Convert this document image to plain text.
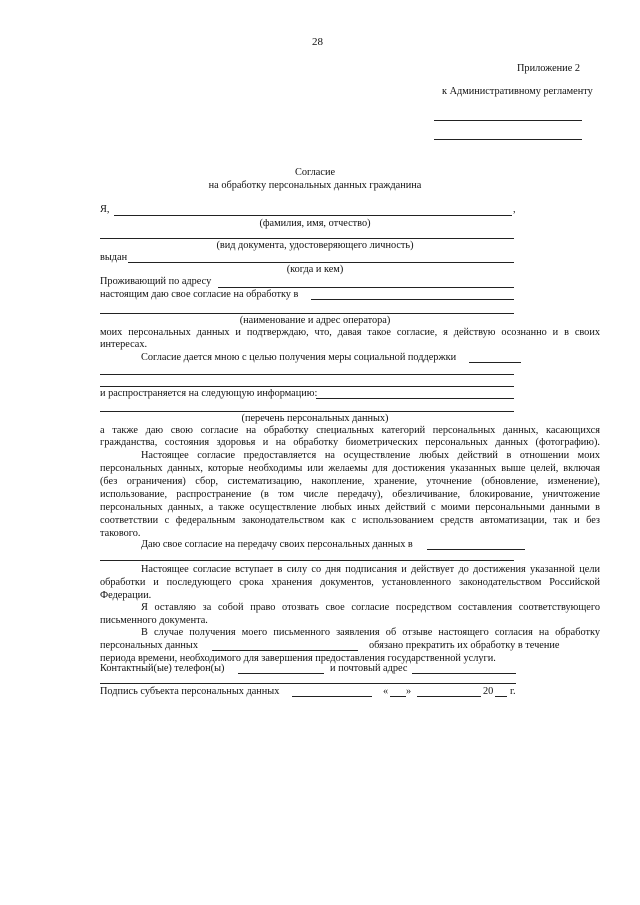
28
Приложение 2
к Административному регламенту
Согласие
на обработку персональных данных гражданина
Я,	,
(фамилия, имя, отчество)
(вид документа, удостоверяющего личность)
выдан
(когда и кем)
Проживающий по адресу
настоящим даю свое согласие на обработку в
(наименование и адрес оператора)
моих персональных данных и подтверждаю, что, давая такое согласие, я действую осознанно и в своих
интересах.
Согласие дается мною с целью получения меры социальной поддержки
и распространяется на следующую информацию:
(перечень персональных данных)
а также даю свою согласие на обработку специальных категорий персональных данных, касающихся
гражданства, состояния здоровья и на обработку биометрических персональных данных (фотографию).
Настоящее согласие предоставляется на осуществление любых действий в отношении моих
персональных данных, которые необходимы или желаемы для достижения указанных выше целей, включая
(без ограничения) сбор, систематизацию, накопление, хранение, уточнение (обновление, изменение),
использование, распространение (в том числе передачу), обезличивание, блокирование, уничтожение
персональных данных, а также осуществление любых иных действий с моими персональными данными в
соответствии с федеральным законодательством как с использованием средств автоматизации, так и без
такового.
Даю свое согласие на передачу своих персональных данных в
Настоящее согласие вступает в силу со дня подписания и действует до достижения указанной цели
обработки и последующего срока хранения документов, установленного законодательством Российской
Федерации.
Я оставляю за собой право отозвать свое согласие посредством составления соответствующего
письменного документа.
В случае получения моего письменного заявления об отзыве настоящего согласия на обработку
персональных данных	обязано прекратить их обработку в течение
периода времени, необходимого для завершения предоставления государственной услуги.
Контактный(ые) телефон(ы)	и почтовый адрес
Подпись субъекта персональных данных	« »	20 г.
